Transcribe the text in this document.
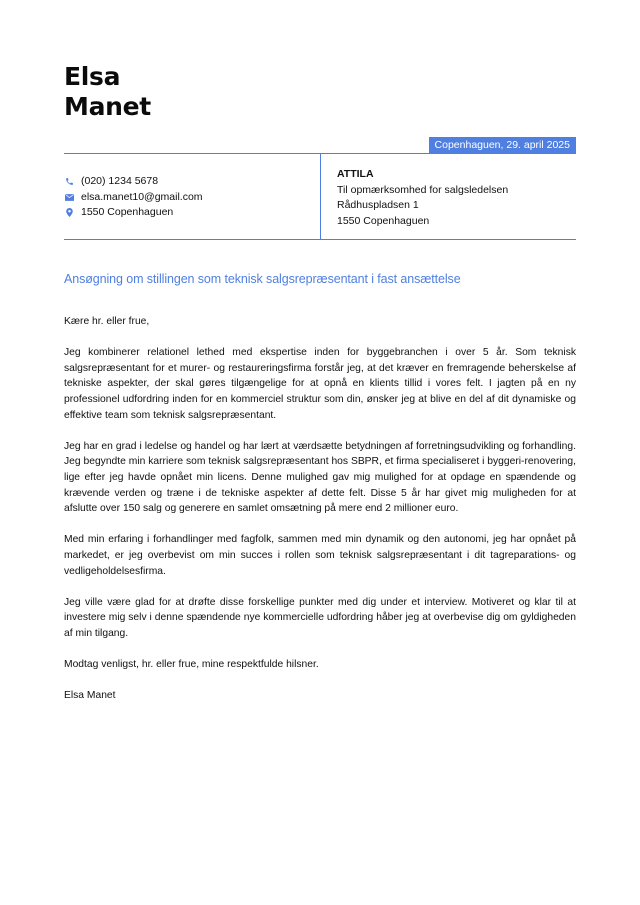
Elsa
Manet
Copenhaguen, 29. april 2025
(020) 1234 5678
elsa.manet10@gmail.com
1550 Copenhaguen
ATTILA
Til opmærksomhed for salgsledelsen
Rådhuspladsen 1
1550 Copenhaguen
Ansøgning om stillingen som teknisk salgsrepræsentant i fast ansættelse

Kære hr. eller frue,

Jeg kombinerer relationel lethed med ekspertise inden for byggebranchen i over 5 år. Som teknisk salgsrepræsentant for et murer- og restaureringsfirma forstår jeg, at det kræver en fremragende beherskelse af tekniske aspekter, der skal gøres tilgængelige for at opnå en klients tillid i vores felt. I jagten på en ny professionel udfordring inden for en kommerciel struktur som din, ønsker jeg at blive en del af dit dynamiske og effektive team som teknisk salgsrepræsentant.

Jeg har en grad i ledelse og handel og har lært at værdsætte betydningen af forretningsudvikling og forhandling. Jeg begyndte min karriere som teknisk salgsrepræsentant hos SBPR, et firma specialiseret i byggeri-renovering, lige efter jeg havde opnået min licens. Denne mulighed gav mig mulighed for at opdage en spændende og krævende verden og træne i de tekniske aspekter af dette felt. Disse 5 år har givet mig muligheden for at afslutte over 150 salg og generere en samlet omsætning på mere end 2 millioner euro.

Med min erfaring i forhandlinger med fagfolk, sammen med min dynamik og den autonomi, jeg har opnået på markedet, er jeg overbevist om min succes i rollen som teknisk salgsrepræsentant i dit tagreparations- og vedligeholdelsesfirma.

Jeg ville være glad for at drøfte disse forskellige punkter med dig under et interview. Motiveret og klar til at investere mig selv i denne spændende nye kommercielle udfordring håber jeg at overbevise dig om gyldigheden af min tilgang.

Modtag venligst, hr. eller frue, mine respektfulde hilsner.

Elsa Manet
